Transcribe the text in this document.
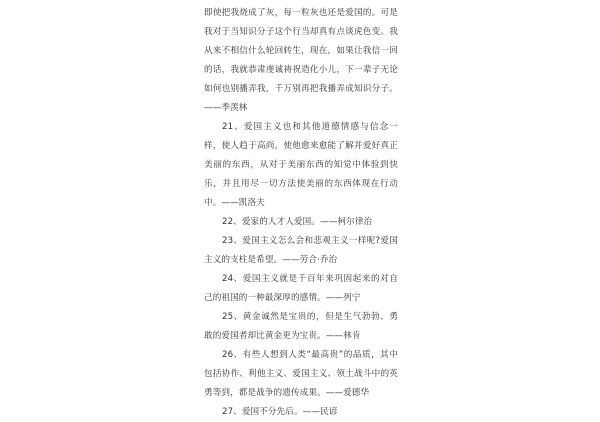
即使把我烧成了灰，每一粒灰也还是爱国的。可是我对于当知识分子这个行当却真有点谈虎色变。我从来不相信什么轮回转生，现在，如果让我信一回的话，我就恭肃虔诚祷祝造化小儿，下一辈子无论如何也别播弄我，千万别再把我播弄成知识分子。——季羡林

21、爱国主义也和其他道德情感与信念一样，使人趋于高尚，使他愈来愈能了解并爱好真正美丽的东西，从对于美丽东西的知觉中体验到快乐，并且用尽一切方法使美丽的东西体现在行动中。——凯洛夫

22、爱家的人才人爱国。——柯尔律治

23、爱国主义怎么会和悲观主义一样呢?爱国主义的支柱是希望。——劳合·乔治

24、爱国主义就是千百年来巩固起来的对自己的祖国的一种最深厚的感情。——列宁

25、黄金诚然是宝贵的，但是生气勃勃、勇敢的爱国者却比黄金更为宝贵。——林肯

26、有些人想到人类“最高贵”的品质，其中包括协作、利他主义、爱国主义、领土战斗中的英勇等到，都是战争的遗传成果。——爱德华

27、爱国不分先后。——民谚
